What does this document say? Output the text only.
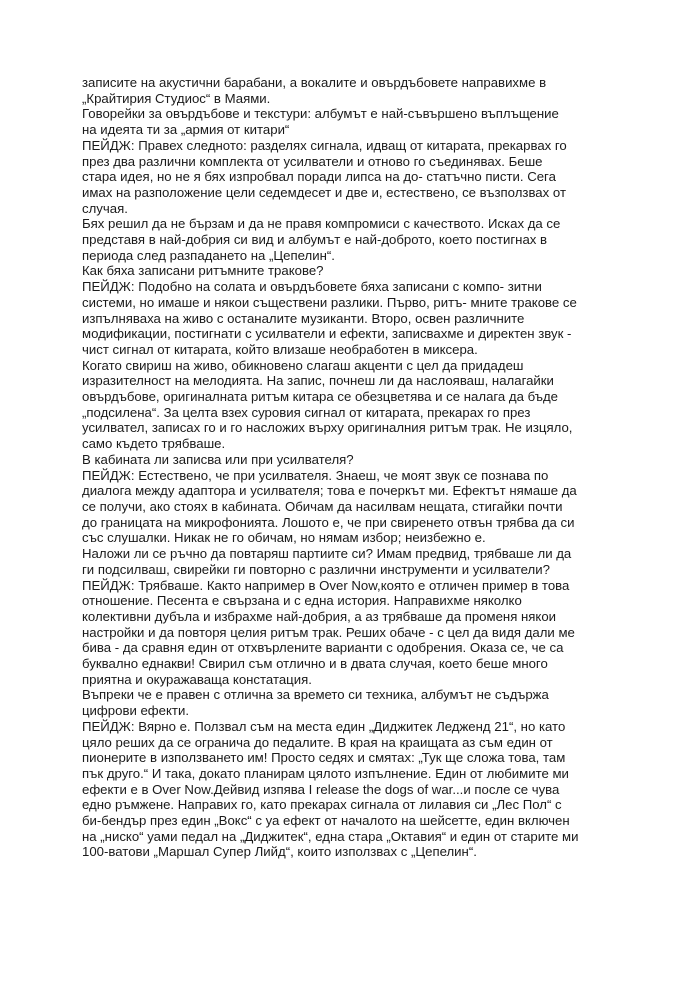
записите на акустични барабани, а вокалите и овърдъбовете направихме в
„Крайтирия Студиос“ в Маями.
Говорейки за овърдъбове и текстури: албумът е най-съвършено въплъщение
на идеята ти за „армия от китари“
ПЕЙДЖ: Правех следното: разделях сигнала, идващ от китарата, прекарвах го
през два различни комплекта от усилватели и отново го съединявах. Беше
стара идея, но не я бях изпробвал поради липса на до- статъчно писти. Сега
имах на разположение цели седемдесет и две и, естествено, се възползвах от
случая.
Бях решил да не бързам и да не правя компромиси с качеството. Исках да се
представя в най-добрия си вид и албумът е най-доброто, което постигнах в
периода след разпадането на „Цепелин“.
Как бяха записани ритъмните тракове?
ПЕЙДЖ: Подобно на солата и овърдъбовете бяха записани с компо- зитни
системи, но имаше и някои съществени разлики. Първо, ритъ- мните тракове се
изпълняваха на живо с останалите музиканти. Второ, освен различните
модификации, постигнати с усилватели и ефекти, записвахме и директен звук -
чист сигнал от китарата, който влизаше необработен в миксера.
Когато свириш на живо, обикновено слагаш акценти с цел да придадеш
изразителност на мелодията. На запис, почнеш ли да наслояваш, налагайки
овърдъбове, оригиналната ритъм китара се обезцветява и се налага да бъде
„подсилена“. За целта взех суровия сигнал от китарата, прекарах го през
усилвател, записах го и го насложих върху оригиналния ритъм трак. Не изцяло,
само където трябваше.
В кабината ли записва или при усилвателя?
ПЕЙДЖ: Естествено, че при усилвателя. Знаеш, че моят звук се познава по
диалога между адаптора и усилвателя; това е почеркът ми. Ефектът нямаше да
се получи, ако стоях в кабината. Обичам да насилвам нещата, стигайки почти
до границата на микрофонията. Лошото е, че при свиренето отвън трябва да си
със слушалки. Никак не го обичам, но нямам избор; неизбежно е.
Наложи ли се ръчно да повтаряш партиите си? Имам предвид, трябваше ли да
ги подсилваш, свирейки ги повторно с различни инструменти и усилватели?
ПЕЙДЖ: Трябваше. Както например в Over Now,която е отличен пример в това
отношение. Песента е свързана и с една история. Направихме няколко
колективни дубъла и избрахме най-добрия, а аз трябваше да променя някои
настройки и да повторя целия ритъм трак. Реших обаче - с цел да видя дали ме
бива - да сравня един от отхвърлените варианти с одобрения. Оказа се, че са
буквално еднакви! Свирил съм отлично и в двата случая, което беше много
приятна и окуражаваща констатация.
Въпреки че е правен с отлична за времето си техника, албумът не съдържа
цифрови ефекти.
ПЕЙДЖ: Вярно е. Ползвал съм на места един „Диджитек Ледженд 21“, но като
цяло реших да се огранича до педалите. В края на краищата аз съм един от
пионерите в използването им! Просто седях и смятах: „Тук ще сложа това, там
пък друго.“ И така, докато планирам цялото изпълнение. Един от любимите ми
ефекти е в Over Now.Дейвид изпява I release the dogs of war...и после се чува
едно ръмжене. Направих го, като прекарах сигнала от лилавия си „Лес Пол“ с
би-бендър през един „Вокс“ с уа ефект от началото на шейсетте, един включен
на „ниско“ уами педал на „Диджитек“, една стара „Октавия“ и един от старите ми
100-ватови „Маршал Супер Лийд“, които използвах с „Цепелин“.
